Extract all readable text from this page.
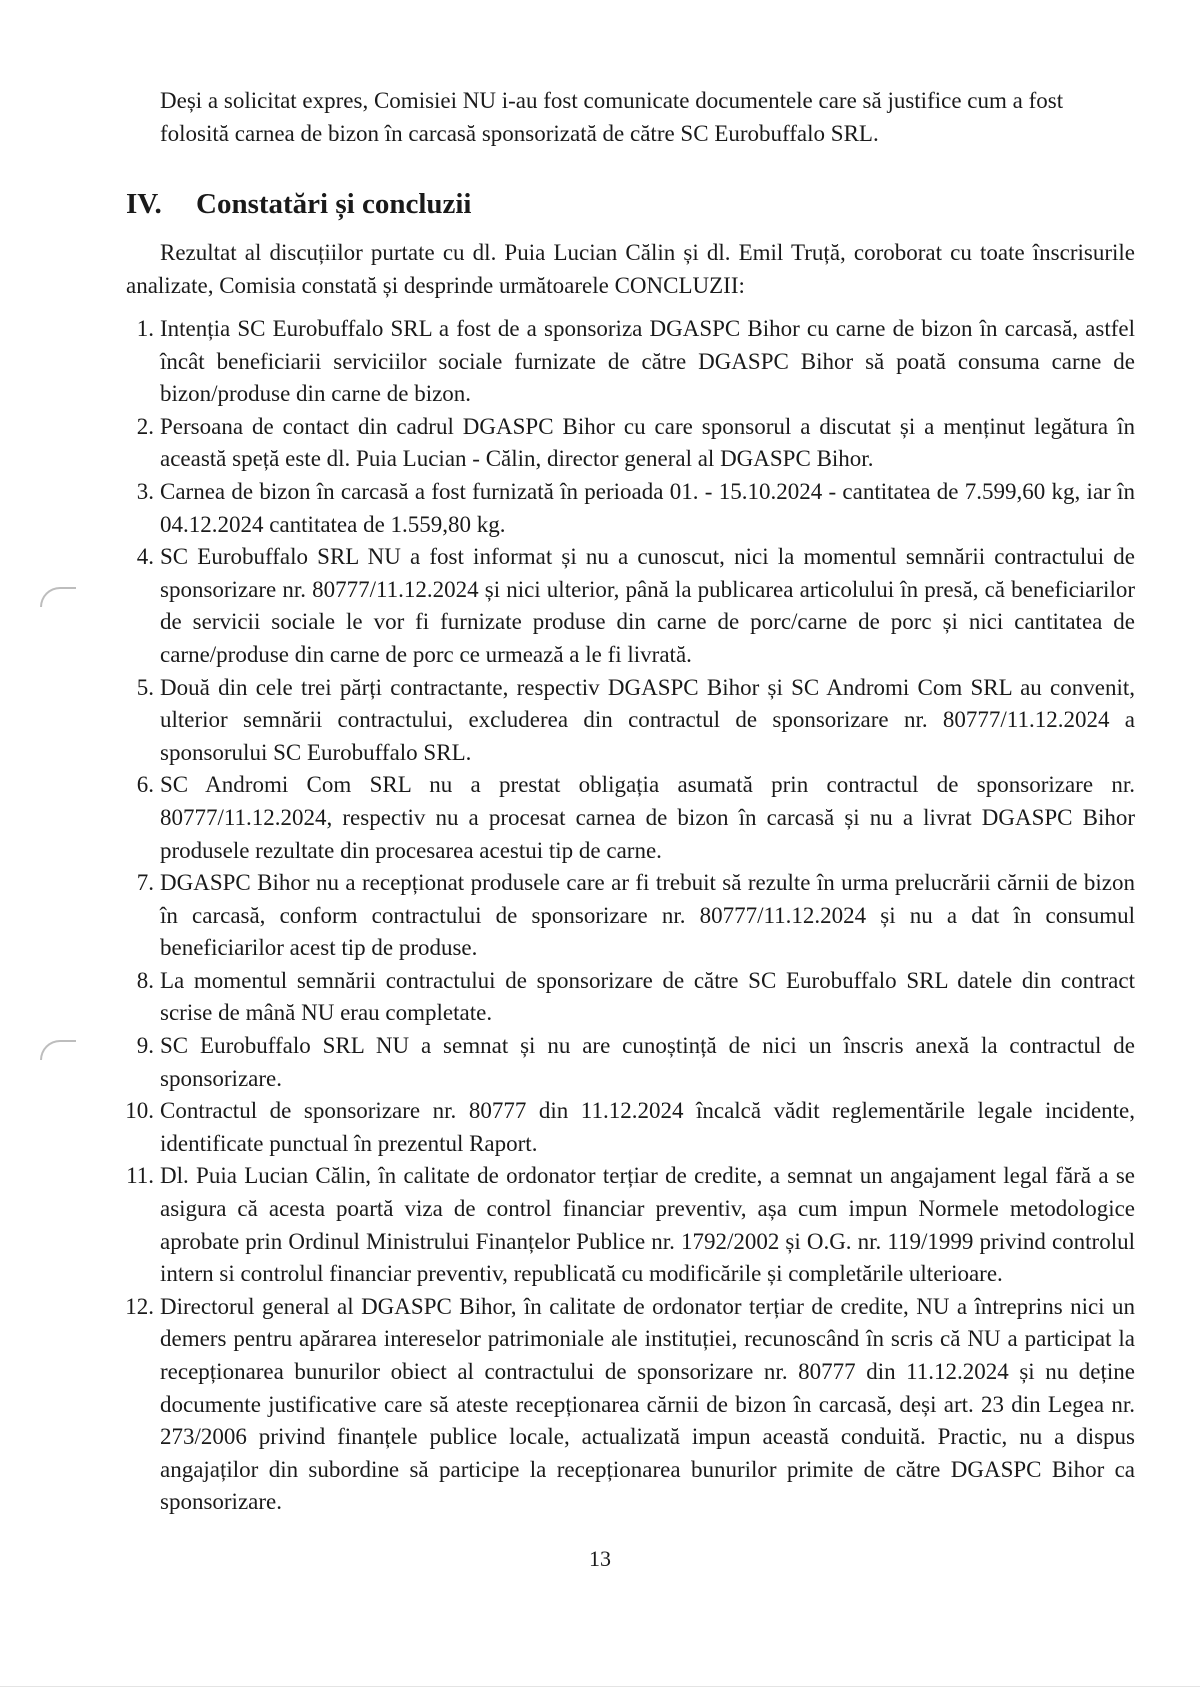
Deși a solicitat expres, Comisiei NU i-au fost comunicate documentele care să justifice cum a fost folosită carnea de bizon în carcasă sponsorizată de către SC Eurobuffalo SRL.

IV. Constatări și concluzii

Rezultat al discuțiilor purtate cu dl. Puia Lucian Călin și dl. Emil Truță, coroborat cu toate înscrisurile analizate, Comisia constată și desprinde următoarele CONCLUZII:

1. Intenția SC Eurobuffalo SRL a fost de a sponsoriza DGASPC Bihor cu carne de bizon în carcasă, astfel încât beneficiarii serviciilor sociale furnizate de către DGASPC Bihor să poată consuma carne de bizon/produse din carne de bizon.
2. Persoana de contact din cadrul DGASPC Bihor cu care sponsorul a discutat și a menținut legătura în această speță este dl. Puia Lucian - Călin, director general al DGASPC Bihor.
3. Carnea de bizon în carcasă a fost furnizată în perioada 01. - 15.10.2024 - cantitatea de 7.599,60 kg, iar în 04.12.2024 cantitatea de 1.559,80 kg.
4. SC Eurobuffalo SRL NU a fost informat și nu a cunoscut, nici la momentul semnării contractului de sponsorizare nr. 80777/11.12.2024 și nici ulterior, până la publicarea articolului în presă, că beneficiarilor de servicii sociale le vor fi furnizate produse din carne de porc/carne de porc și nici cantitatea de carne/produse din carne de porc ce urmează a le fi livrată.
5. Două din cele trei părți contractante, respectiv DGASPC Bihor și SC Andromi Com SRL au convenit, ulterior semnării contractului, excluderea din contractul de sponsorizare nr. 80777/11.12.2024 a sponsorului SC Eurobuffalo SRL.
6. SC Andromi Com SRL nu a prestat obligația asumată prin contractul de sponsorizare nr. 80777/11.12.2024, respectiv nu a procesat carnea de bizon în carcasă și nu a livrat DGASPC Bihor produsele rezultate din procesarea acestui tip de carne.
7. DGASPC Bihor nu a recepționat produsele care ar fi trebuit să rezulte în urma prelucrării cărnii de bizon în carcasă, conform contractului de sponsorizare nr. 80777/11.12.2024 și nu a dat în consumul beneficiarilor acest tip de produse.
8. La momentul semnării contractului de sponsorizare de către SC Eurobuffalo SRL datele din contract scrise de mână NU erau completate.
9. SC Eurobuffalo SRL NU a semnat și nu are cunoștință de nici un înscris anexă la contractul de sponsorizare.
10. Contractul de sponsorizare nr. 80777 din 11.12.2024 încalcă vădit reglementările legale incidente, identificate punctual în prezentul Raport.
11. Dl. Puia Lucian Călin, în calitate de ordonator terțiar de credite, a semnat un angajament legal fără a se asigura că acesta poartă viza de control financiar preventiv, așa cum impun Normele metodologice aprobate prin Ordinul Ministrului Finanțelor Publice nr. 1792/2002 și O.G. nr. 119/1999 privind controlul intern si controlul financiar preventiv, republicată cu modificările și completările ulterioare.
12. Directorul general al DGASPC Bihor, în calitate de ordonator terțiar de credite, NU a întreprins nici un demers pentru apărarea intereselor patrimoniale ale instituției, recunoscând în scris că NU a participat la recepționarea bunurilor obiect al contractului de sponsorizare nr. 80777 din 11.12.2024 și nu deține documente justificative care să ateste recepționarea cărnii de bizon în carcasă, deși art. 23 din Legea nr. 273/2006 privind finanțele publice locale, actualizată impun această conduită. Practic, nu a dispus angajaților din subordine să participe la recepționarea bunurilor primite de către DGASPC Bihor ca sponsorizare.
13
